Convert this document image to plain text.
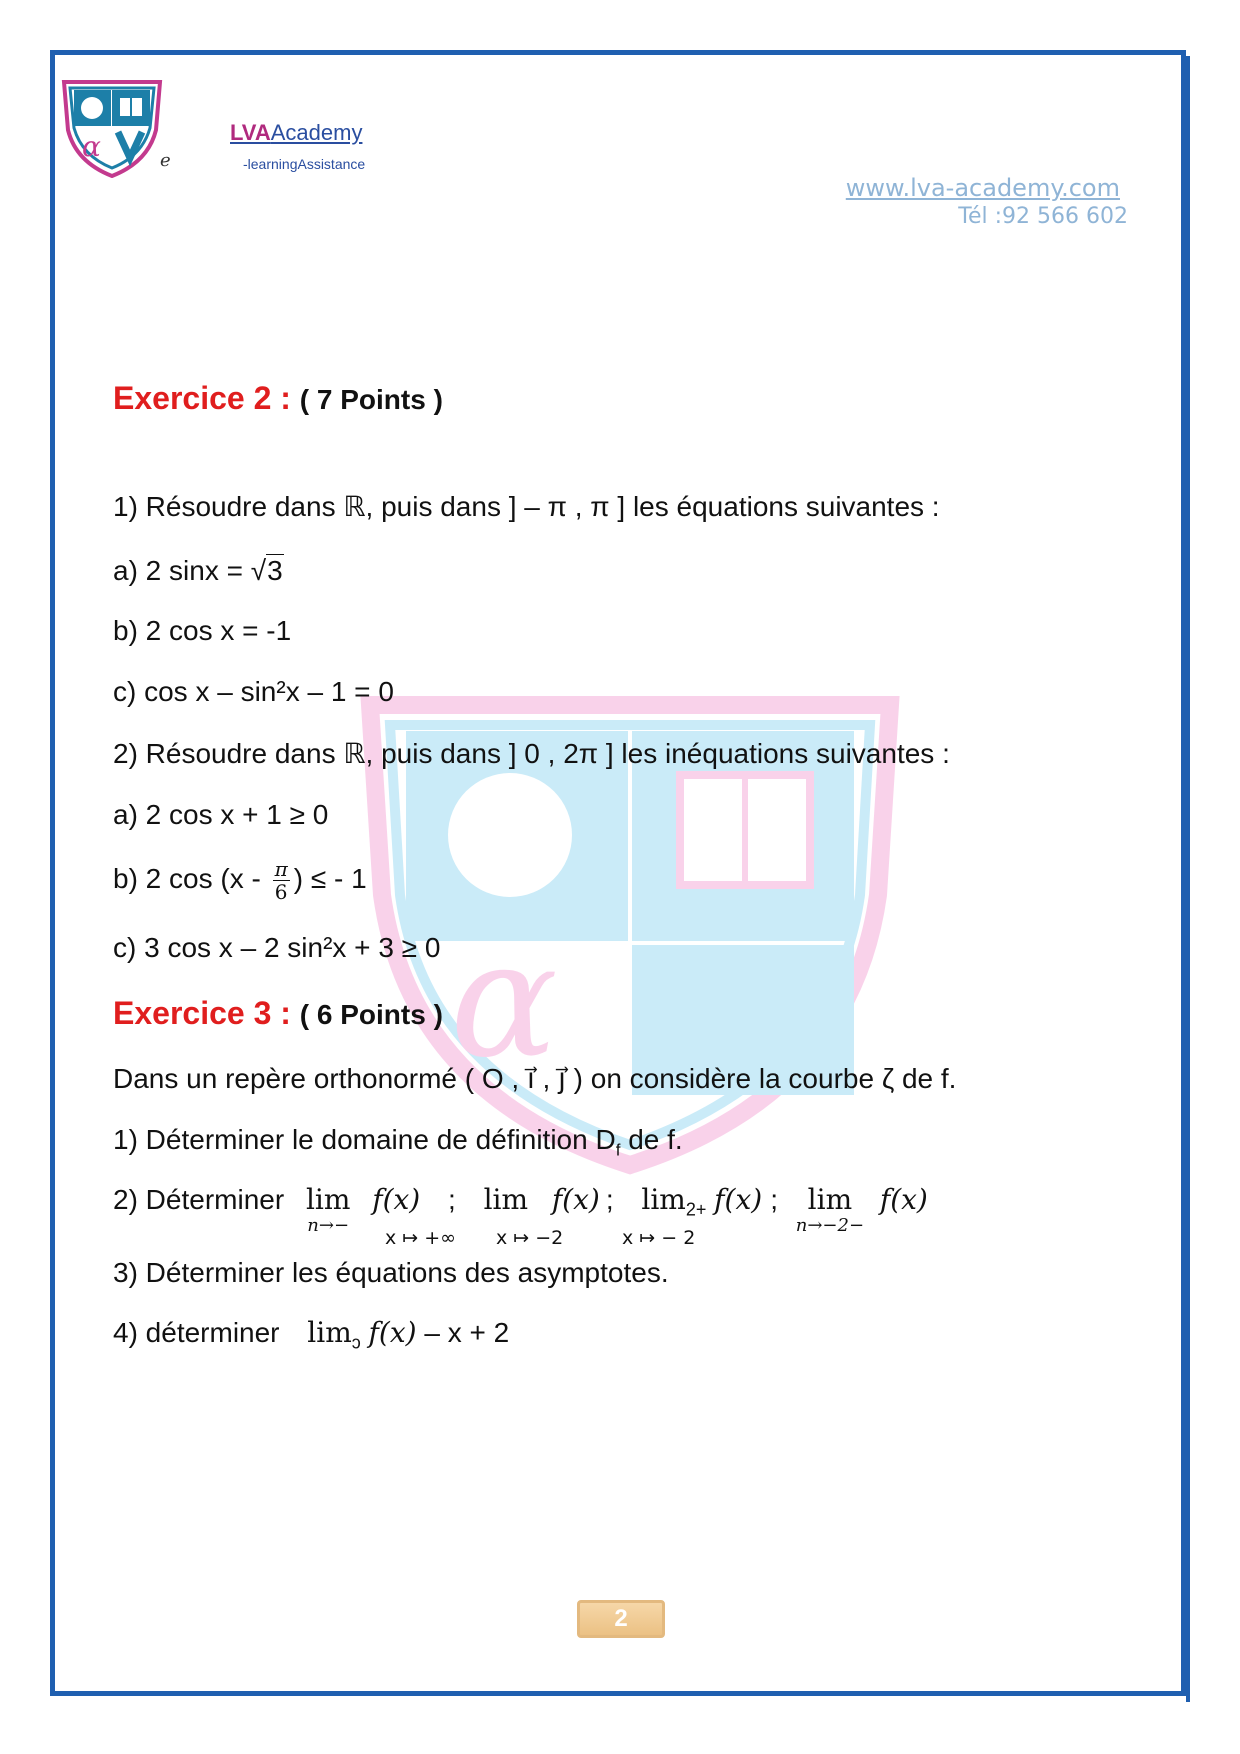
α	e
LVAAcademy
-learningAssistance
www.lva-academy.com
Tél :92 566 602
α
Exercice 2 : ( 7 Points )
1) Résoudre dans ℝ, puis dans ] – π , π ] les équations suivantes :
a) 2 sinx = √3
b) 2 cos x = -1
c) cos x – sin²x – 1 = 0
2) Résoudre dans ℝ, puis dans ] 0 , 2π ] les inéquations suivantes :
a) 2 cos x + 1 ≥ 0
b) 2 $\cos (x - \frac{\pi}{6}$ ) ≤ - 1
c) 3 cos x – 2 sin²x + 3 ≥ 0
Exercice 3 : ( 6 Points )
Dans un repère orthonormé ( O , ı⃗ , ȷ⃗ ) on considère la courbe ζ de f.
1) Déterminer le domaine de définition $D_f$ de f.
2) Déterminer lim
n→−
f(x) ; lim f(x) ; $\lim_{2+} f(x)$ ; lim
n→−2−
f(x)
x ↦ +∞ x ↦ −2	x ↦ − 2
3) Déterminer les équations des asymptotes.
4) déterminer $\lim_ɔ f(x) - x + 2$
2
